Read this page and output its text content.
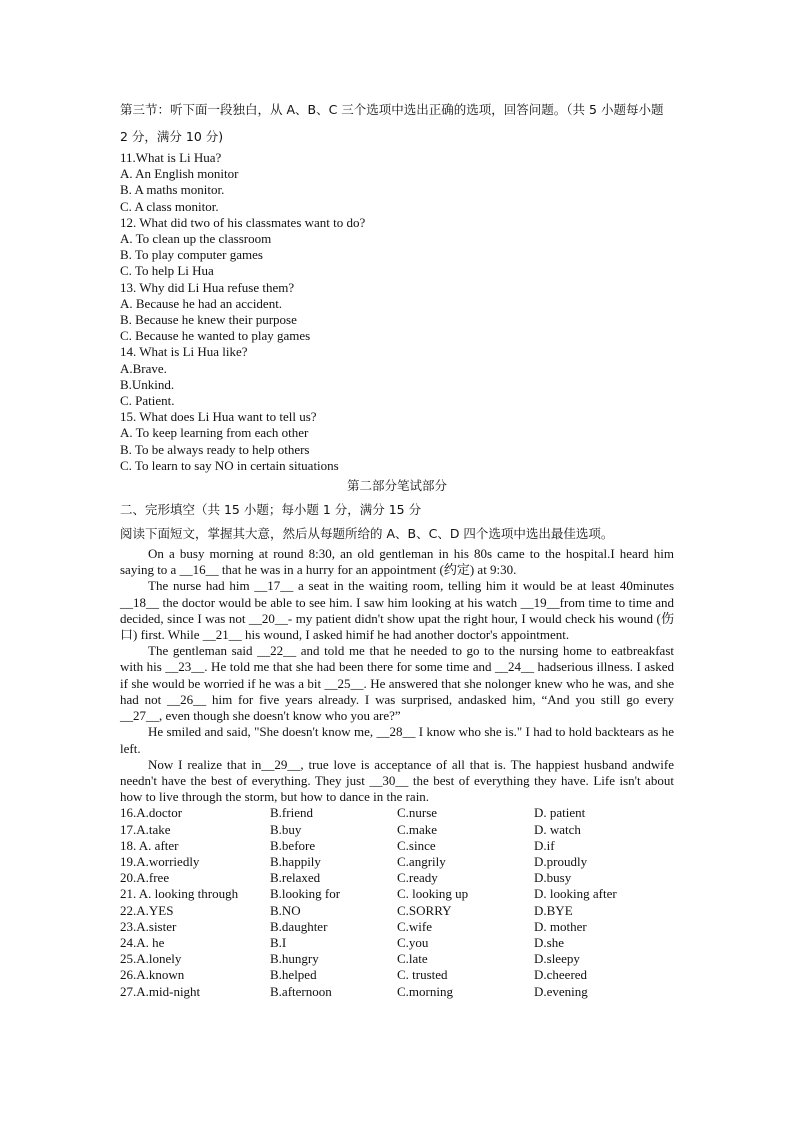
第三节：听下面一段独白，从 A、B、C 三个选项中选出正确的选项，回答问题。（共 5 小题每小题 2 分，满分 10 分)
11.What is Li Hua?
A. An English monitor
B. A maths monitor.
C. A class monitor.
12. What did two of his classmates want to do?
A. To clean up the classroom
B. To play computer games
C. To help Li Hua
13. Why did Li Hua refuse them?
A. Because he had an accident.
B. Because he knew their purpose
C. Because he wanted to play games
14. What is Li Hua like?
A.Brave.
B.Unkind.
C. Patient.
15. What does Li Hua want to tell us?
A. To keep learning from each other
B. To be always ready to help others
C. To learn to say NO in certain situations
第二部分笔试部分
二、完形填空（共 15 小题；每小题 1 分，满分 15 分
阅读下面短文，掌握其大意，然后从每题所给的 A、B、C、D 四个选项中选出最佳选项。

On a busy morning at round 8:30, an old gentleman in his 80s came to the hospital.I heard him saying to a __16__ that he was in a hurry for an appointment (约定) at 9:30.

The nurse had him __17__ a seat in the waiting room, telling him it would be at least 40minutes __18__ the doctor would be able to see him. I saw him looking at his watch __19__from time to time and decided, since I was not __20__- my patient didn't show upat the right hour, I would check his wound (伤口) first. While __21__ his wound, I asked himif he had another doctor's appointment.

The gentleman said __22__ and told me that he needed to go to the nursing home to eatbreakfast with his __23__. He told me that she had been there for some time and __24__ hadserious illness. I asked if she would be worried if he was a bit __25__. He answered that she nolonger knew who he was, and she had not __26__ him for five years already. I was surprised, andasked him, “And you still go every __27__, even though she doesn't know who you are?”

He smiled and said, "She doesn't know me, __28__ I know who she is." I had to hold backtears as he left.

Now I realize that in__29__, true love is acceptance of all that is. The happiest husband andwife needn't have the best of everything. They just __30__ the best of everything they have. Life isn't about how to live through the storm, but how to dance in the rain.

16.A.doctor	B.friend	C.nurse	D. patient
17.A.take	B.buy	C.make	D. watch
18. A. after	B.before	C.since	D.if
19.A.worriedly	B.happily	C.angrily	D.proudly
20.A.free	B.relaxed	C.ready	D.busy
21. A. looking through	B.looking for	C. looking up	D. looking after
22.A.YES	B.NO	C.SORRY	D.BYE
23.A.sister	B.daughter	C.wife	D. mother
24.A. he	B.I	C.you	D.she
25.A.lonely	B.hungry	C.late	D.sleepy
26.A.known	B.helped	C. trusted	D.cheered
27.A.mid-night	B.afternoon	C.morning	D.evening
